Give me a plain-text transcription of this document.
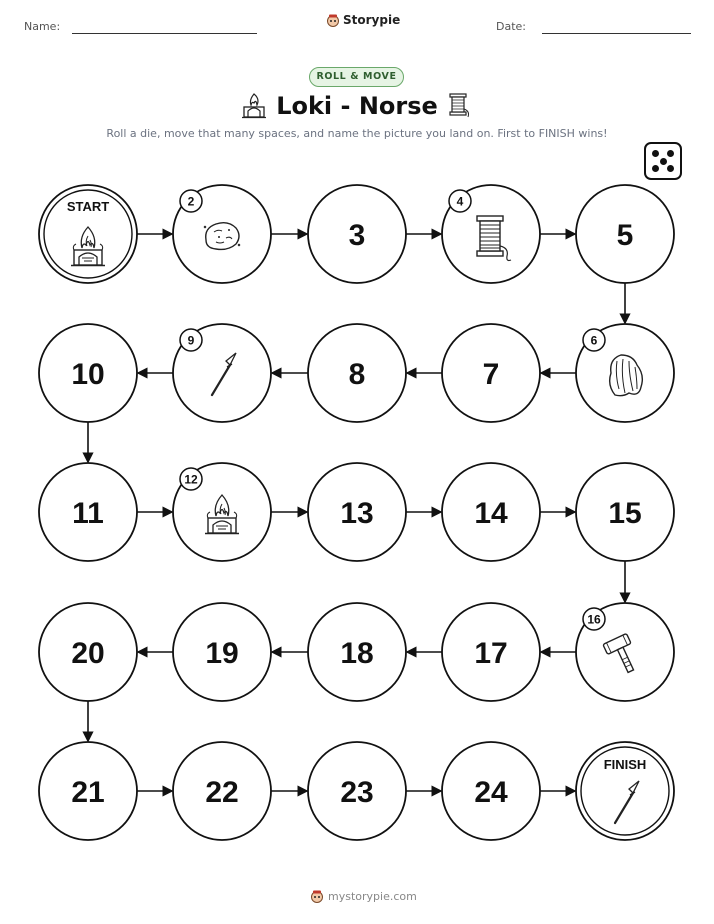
Name:	Storypie	Date:
ROLL & MOVE
Loki - Norse
Roll a die, move that many spaces, and name the picture you land on. First to FINISH wins!
START	2
3
4
5
6
7
8
9
10
11
12
13	14	15
16
17
18
19
20
21	22	23	24
FINISH
mystorypie.com
